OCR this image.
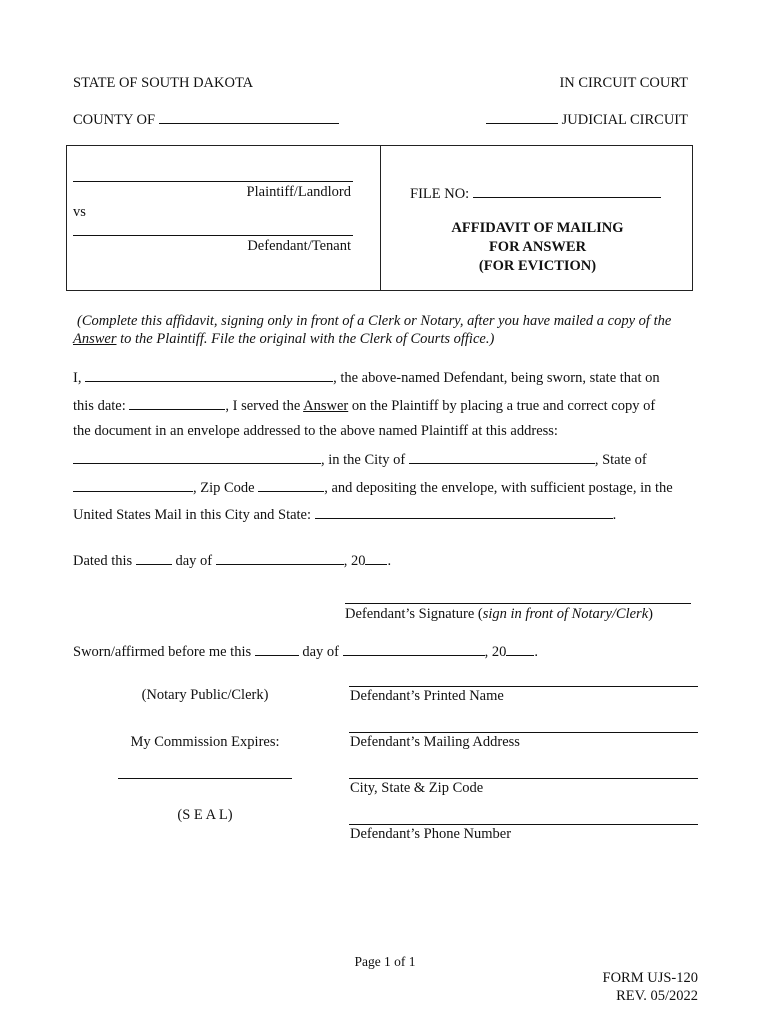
STATE OF SOUTH DAKOTA	IN CIRCUIT COURT
COUNTY OF	JUDICIAL CIRCUIT
Plaintiff/Landlord
vs
Defendant/Tenant
FILE NO:
AFFIDAVIT OF MAILING
FOR ANSWER
(FOR EVICTION)
(Complete this affidavit, signing only in front of a Clerk or Notary, after you have mailed a copy of the
Answer to the Plaintiff. File the original with the Clerk of Courts office.)
I,	, the above-named Defendant, being sworn, state that on
this date:	, I served the Answer on the Plaintiff by placing a true and correct copy of
the document in an envelope addressed to the above named Plaintiff at this address:
, in the City of	, State of
, Zip Code	, and depositing the envelope, with sufficient postage, in the
United States Mail in this City and State:	.
Dated this	day of	, 20 .
Defendant’s Signature (sign in front of Notary/Clerk)
Sworn/affirmed before me this	day of	, 20 .
(Notary Public/Clerk)
My Commission Expires:
(S E A L)
Defendant’s Printed Name
Defendant’s Mailing Address
City, State & Zip Code
Defendant’s Phone Number
Page 1 of 1
FORM UJS-120
REV. 05/2022
